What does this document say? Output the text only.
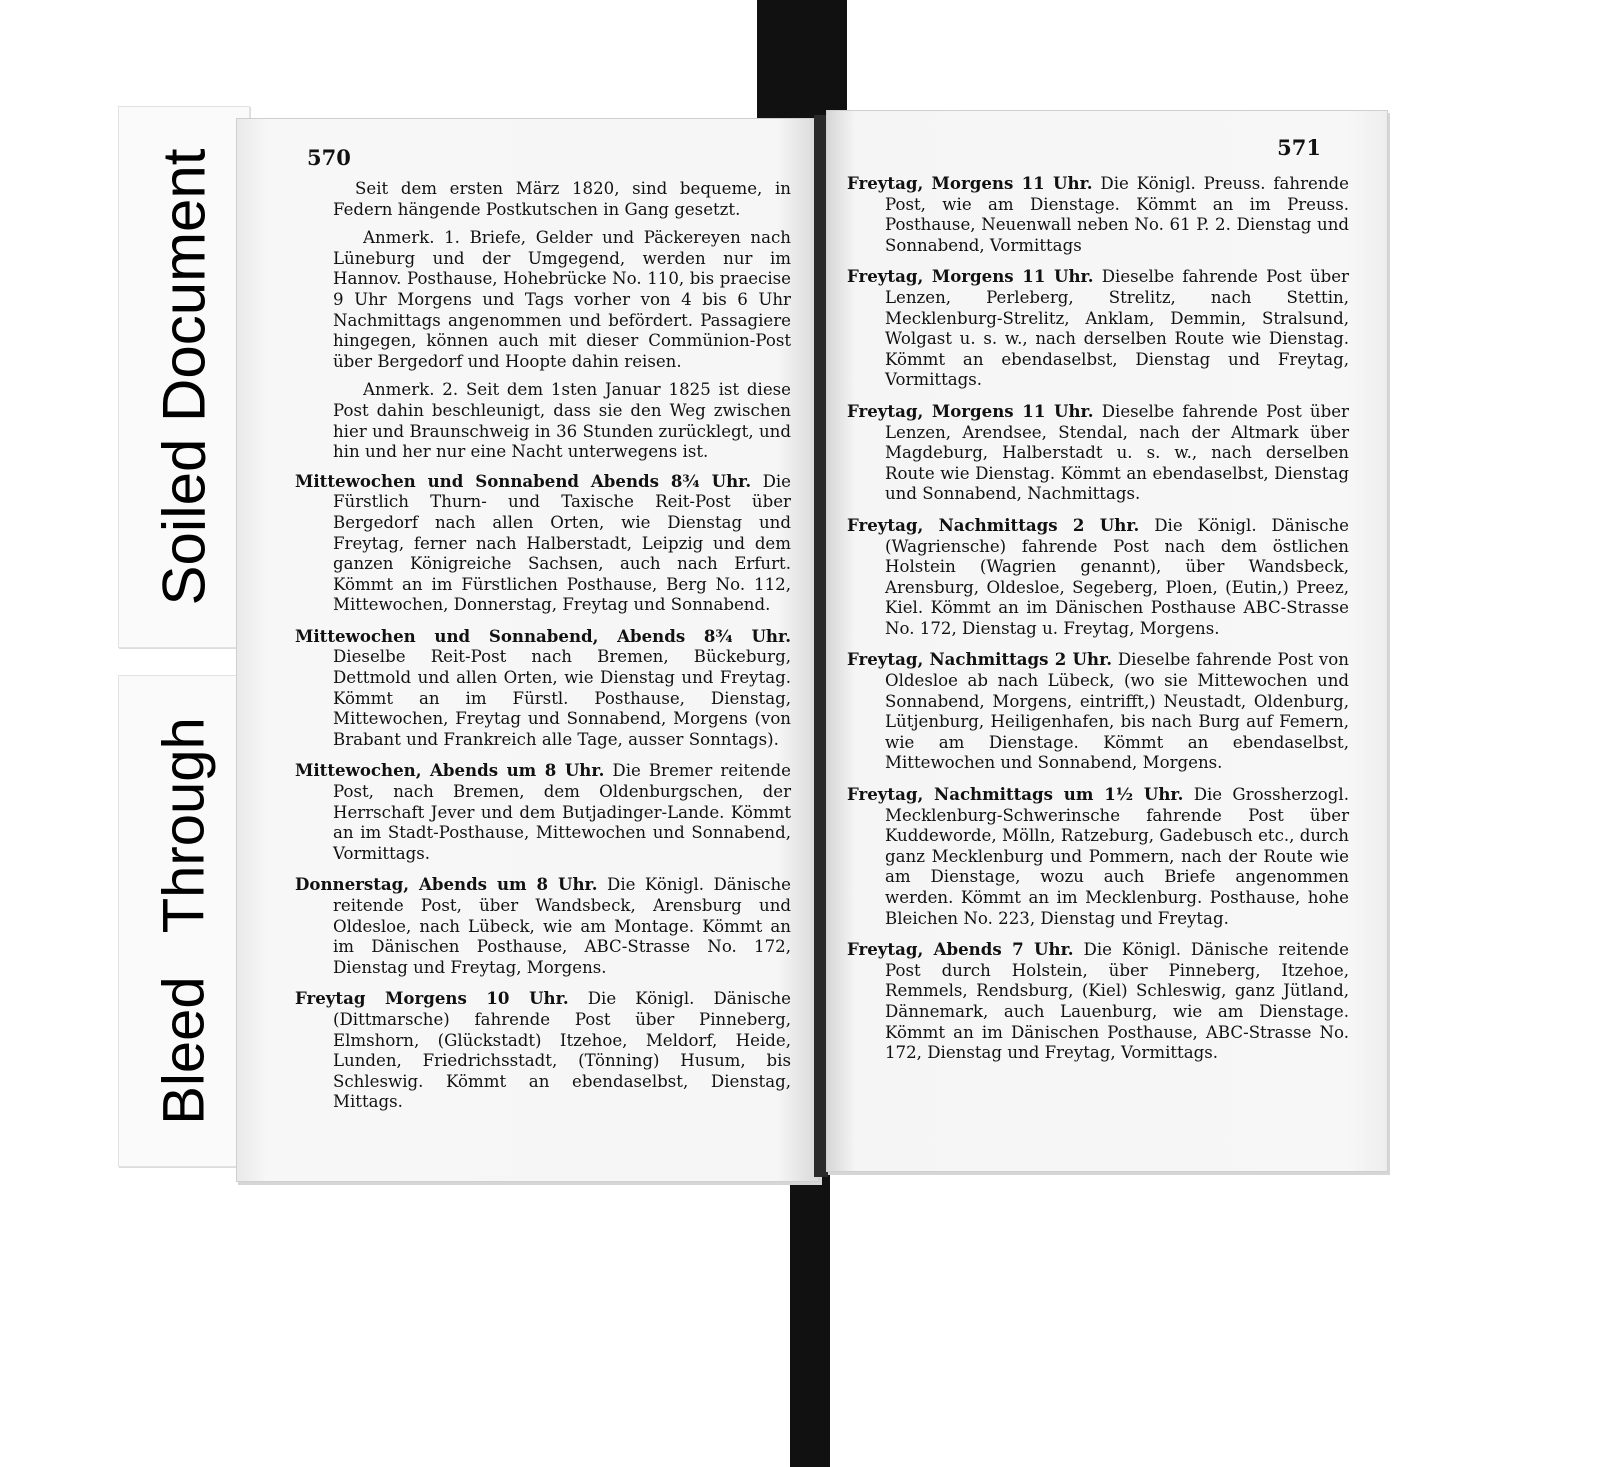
Soiled Document
Bleed Through
570

Seit dem ersten März 1820, sind bequeme, in Federn hängende Postkutschen in Gang gesetzt.

Anmerk. 1. Briefe, Gelder und Päckereyen nach Lüneburg und der Umgegend, werden nur im Hannov. Posthause, Hohebrücke No. 110, bis praecise 9 Uhr Morgens und Tags vorher von 4 bis 6 Uhr Nachmittags angenommen und befördert. Passagiere hingegen, können auch mit dieser Commünion-Post über Bergedorf und Hoopte dahin reisen.

Anmerk. 2. Seit dem 1sten Januar 1825 ist diese Post dahin beschleunigt, dass sie den Weg zwischen hier und Braunschweig in 36 Stunden zurücklegt, und hin und her nur eine Nacht unterwegens ist.

Mittewochen und Sonnabend Abends 8¾ Uhr. Die Fürstlich Thurn- und Taxische Reit-Post über Bergedorf nach allen Orten, wie Dienstag und Freytag, ferner nach Halberstadt, Leipzig und dem ganzen Königreiche Sachsen, auch nach Erfurt. Kömmt an im Fürstlichen Posthause, Berg No. 112, Mittewochen, Donnerstag, Freytag und Sonnabend.

Mittewochen und Sonnabend, Abends 8¾ Uhr. Dieselbe Reit-Post nach Bremen, Bückeburg, Dettmold und allen Orten, wie Dienstag und Freytag. Kömmt an im Fürstl. Posthause, Dienstag, Mittewochen, Freytag und Sonnabend, Morgens (von Brabant und Frankreich alle Tage, ausser Sonntags).

Mittewochen, Abends um 8 Uhr. Die Bremer reitende Post, nach Bremen, dem Oldenburgschen, der Herrschaft Jever und dem Butjadinger-Lande. Kömmt an im Stadt-Posthause, Mittewochen und Sonnabend, Vormittags.

Donnerstag, Abends um 8 Uhr. Die Königl. Dänische reitende Post, über Wandsbeck, Arensburg und Oldesloe, nach Lübeck, wie am Montage. Kömmt an im Dänischen Posthause, ABC-Strasse No. 172, Dienstag und Freytag, Morgens.

Freytag Morgens 10 Uhr. Die Königl. Dänische (Dittmarsche) fahrende Post über Pinneberg, Elmshorn, (Glückstadt) Itzehoe, Meldorf, Heide, Lunden, Friedrichsstadt, (Tönning) Husum, bis Schleswig. Kömmt an ebendaselbst, Dienstag, Mittags.

571

Freytag, Morgens 11 Uhr. Die Königl. Preuss. fahrende Post, wie am Dienstage. Kömmt an im Preuss. Posthause, Neuenwall neben No. 61 P. 2. Dienstag und Sonnabend, Vormittags

Freytag, Morgens 11 Uhr. Dieselbe fahrende Post über Lenzen, Perleberg, Strelitz, nach Stettin, Mecklenburg-Strelitz, Anklam, Demmin, Stralsund, Wolgast u. s. w., nach derselben Route wie Dienstag. Kömmt an ebendaselbst, Dienstag und Freytag, Vormittags.

Freytag, Morgens 11 Uhr. Dieselbe fahrende Post über Lenzen, Arendsee, Stendal, nach der Altmark über Magdeburg, Halberstadt u. s. w., nach derselben Route wie Dienstag. Kömmt an ebendaselbst, Dienstag und Sonnabend, Nachmittags.

Freytag, Nachmittags 2 Uhr. Die Königl. Dänische (Wagriensche) fahrende Post nach dem östlichen Holstein (Wagrien genannt), über Wandsbeck, Arensburg, Oldesloe, Segeberg, Ploen, (Eutin,) Preez, Kiel. Kömmt an im Dänischen Posthause ABC-Strasse No. 172, Dienstag u. Freytag, Morgens.

Freytag, Nachmittags 2 Uhr. Dieselbe fahrende Post von Oldesloe ab nach Lübeck, (wo sie Mittewochen und Sonnabend, Morgens, eintrifft,) Neustadt, Oldenburg, Lütjenburg, Heiligenhafen, bis nach Burg auf Femern, wie am Dienstage. Kömmt an ebendaselbst, Mittewochen und Sonnabend, Morgens.

Freytag, Nachmittags um 1½ Uhr. Die Grossherzogl. Mecklenburg-Schwerinsche fahrende Post über Kuddeworde, Mölln, Ratzeburg, Gadebusch etc., durch ganz Mecklenburg und Pommern, nach der Route wie am Dienstage, wozu auch Briefe angenommen werden. Kömmt an im Mecklenburg. Posthause, hohe Bleichen No. 223, Dienstag und Freytag.

Freytag, Abends 7 Uhr. Die Königl. Dänische reitende Post durch Holstein, über Pinneberg, Itzehoe, Remmels, Rendsburg, (Kiel) Schleswig, ganz Jütland, Dännemark, auch Lauenburg, wie am Dienstage. Kömmt an im Dänischen Posthause, ABC-Strasse No. 172, Dienstag und Freytag, Vormittags.
